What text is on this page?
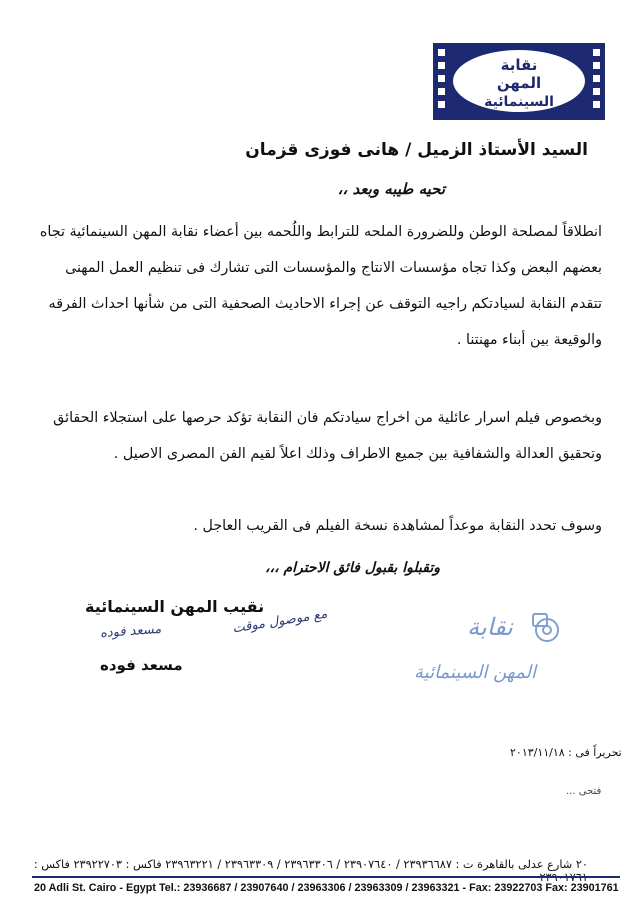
نقابة
المهن
السينمائية
السيد الأستاذ الزميل / هانى فوزى قزمان
تحيه طيبه وبعد ،،
انطلاقاً لمصلحة الوطن وللضرورة الملحه للترابط واللُحمه بين أعضاء نقابة المهن السينمائية تجاه بعضهم البعض وكذا تجاه مؤسسات الانتاج والمؤسسات التى تشارك فى تنظيم العمل المهنى تتقدم النقابة لسيادتكم راجيه التوقف عن إجراء الاحاديث الصحفية التى من شأنها احداث الفرقه والوقيعة بين أبناء مهنتنا .
وبخصوص فيلم اسرار عائلية من اخراج سيادتكم فان النقابة تؤكد حرصها على استجلاء الحقائق وتحقيق العدالة والشفافية بين جميع الاطراف وذلك اعلاً لقيم الفن المصرى الاصيل .
وسوف تحدد النقابة موعداً لمشاهدة نسخة الفيلم فى القريب العاجل .
وتقبلوا بقبول فائق الاحترام ،،،
نقيب المهن السينمائية
مسعد فوده	مع موصول موقت
مسعد فوده
نقابة
المهن السينمائية
تحريراً فى : ٢٠١٣/١١/١٨
فتحى ...
٢٠ شارع عدلى بالقاهرة ت : ٢٣٩٣٦٦٨٧ / ٢٣٩٠٧٦٤٠ / ٢٣٩٦٣٣٠٦ / ٢٣٩٦٣٣٠٩ / ٢٣٩٦٣٢٢١ فاكس : ٢٣٩٢٢٧٠٣ فاكس :
20 Adli St. Cairo - Egypt Tel.: 23936687 / 23907640 / 23963306 / 23963309 / 23963321 - Fax: 23922703 Fax: 23901761
